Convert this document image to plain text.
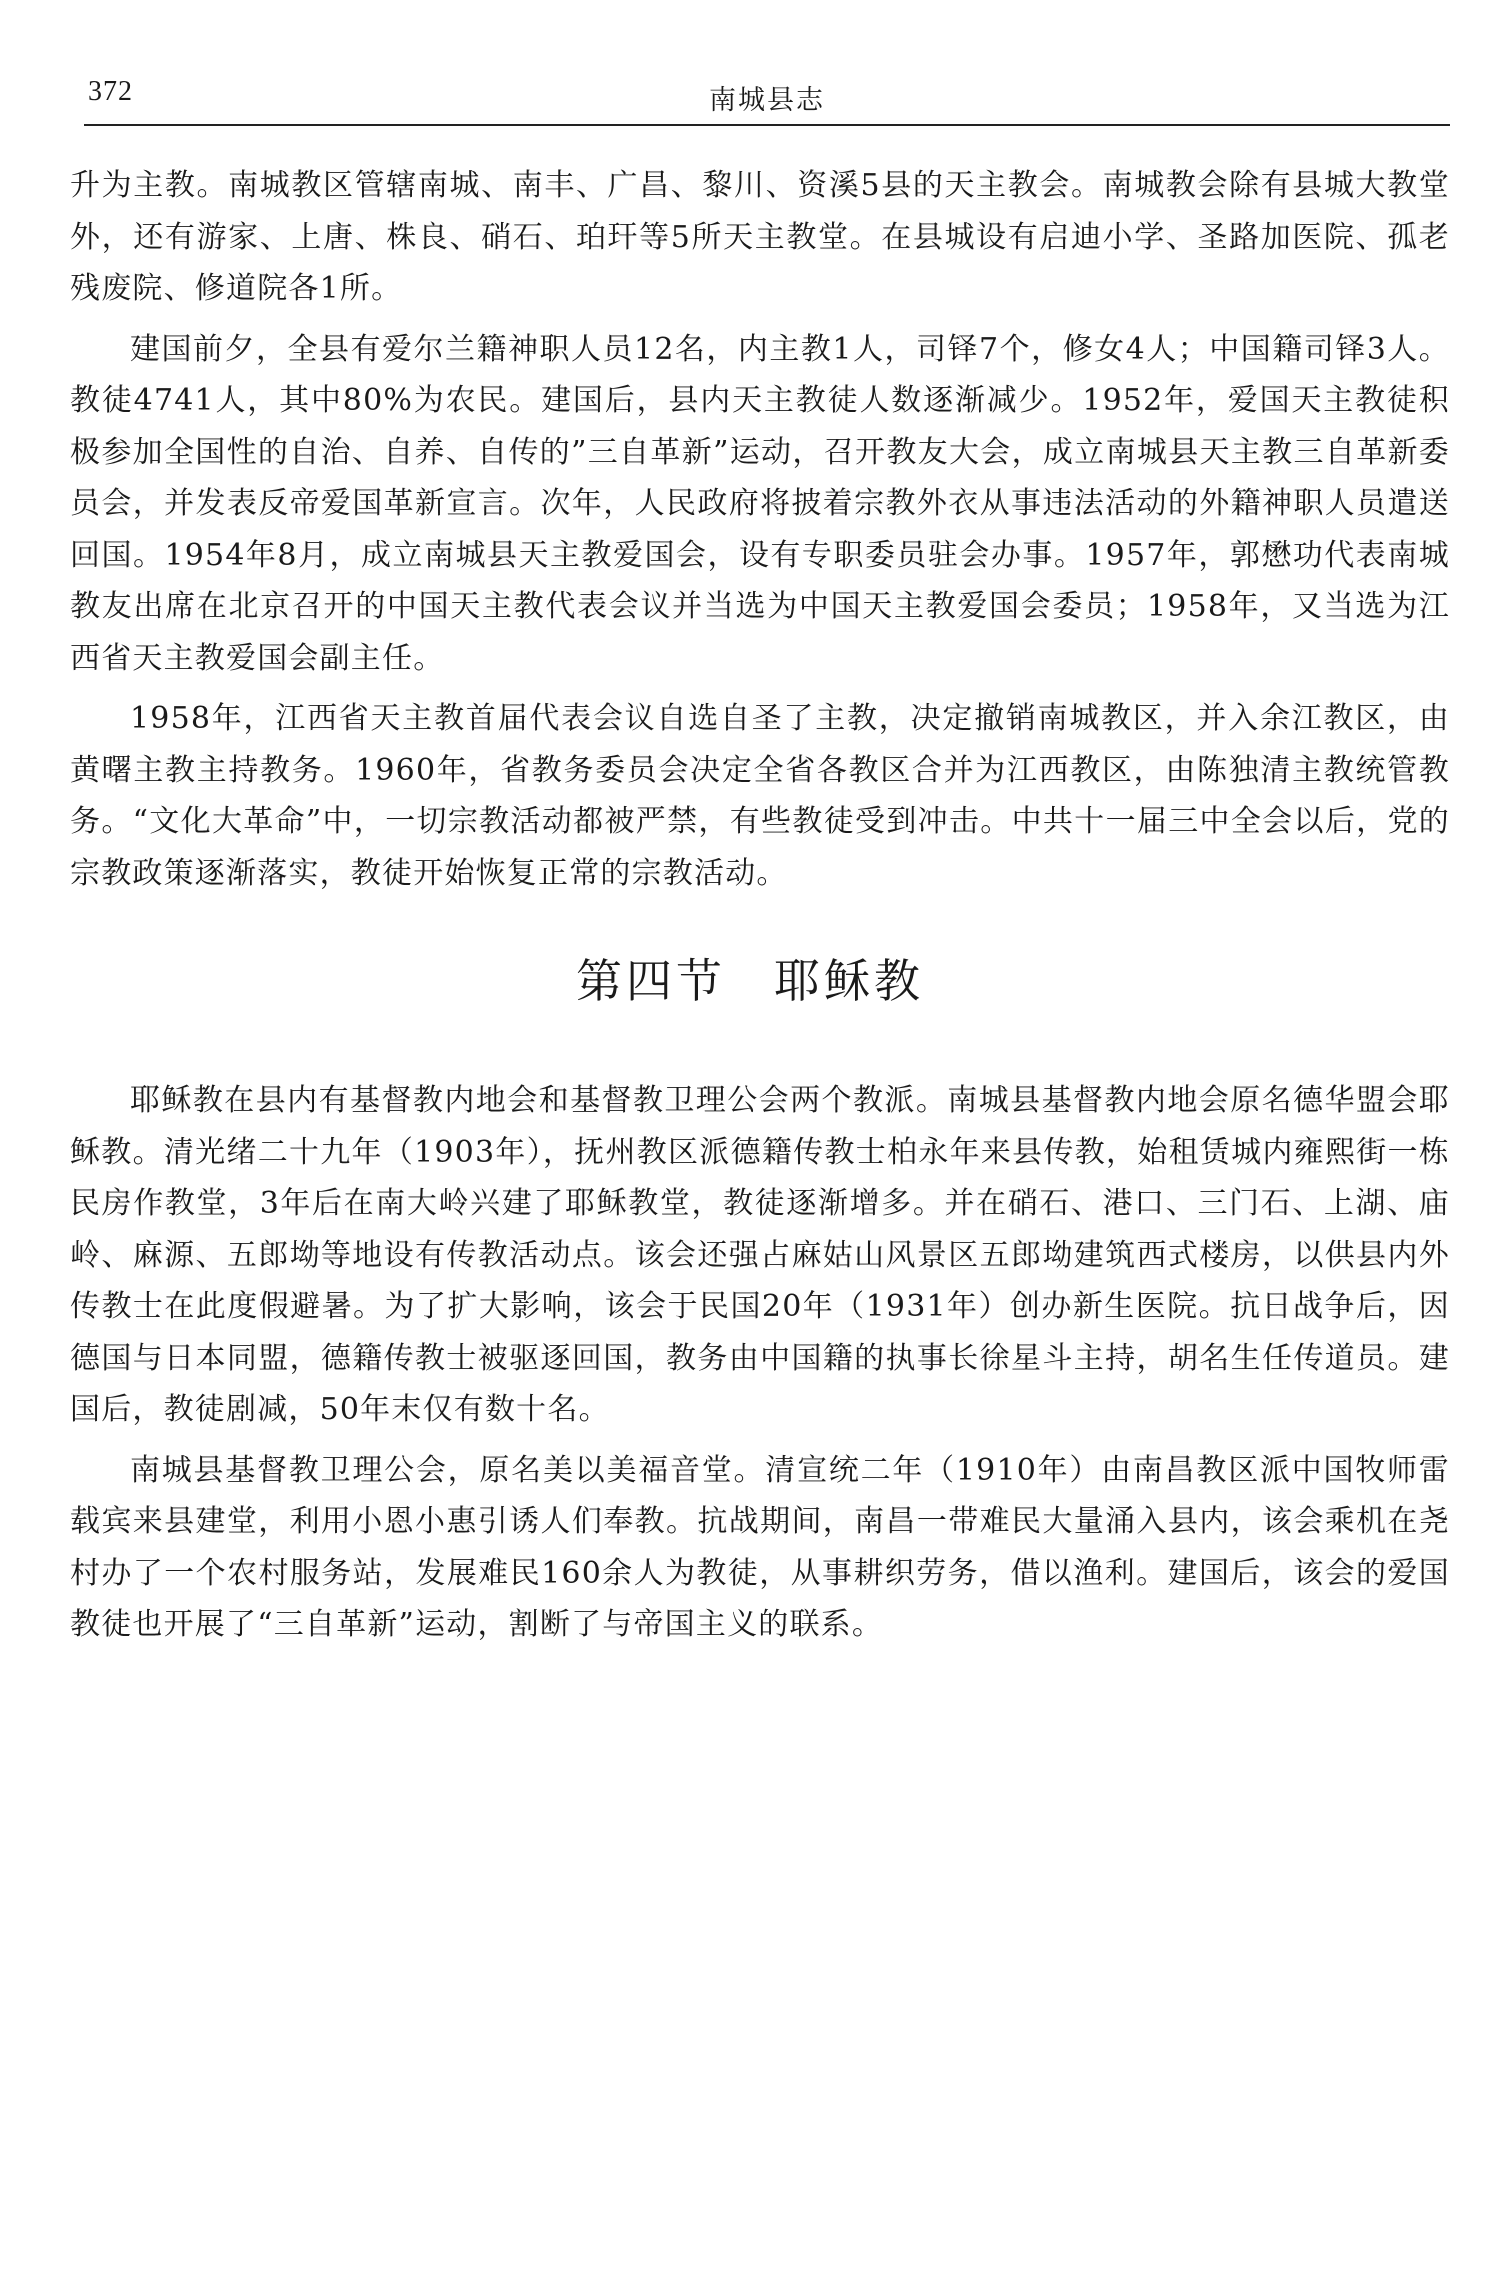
372	南城县志

升为主教。南城教区管辖南城、南丰、广昌、黎川、资溪5县的天主教会。南城教会除有县城大教堂外，还有游家、上唐、株良、硝石、珀玕等5所天主教堂。在县城设有启迪小学、圣路加医院、孤老残废院、修道院各1所。

建国前夕，全县有爱尔兰籍神职人员12名，内主教1人，司铎7个，修女4人；中国籍司铎3人。教徒4741人，其中80%为农民。建国后，县内天主教徒人数逐渐减少。1952年，爱国天主教徒积极参加全国性的自治、自养、自传的”三自革新”运动，召开教友大会，成立南城县天主教三自革新委员会，并发表反帝爱国革新宣言。次年，人民政府将披着宗教外衣从事违法活动的外籍神职人员遣送回国。1954年8月，成立南城县天主教爱国会，设有专职委员驻会办事。1957年，郭懋功代表南城教友出席在北京召开的中国天主教代表会议并当选为中国天主教爱国会委员；1958年，又当选为江西省天主教爱国会副主任。

1958年，江西省天主教首届代表会议自选自圣了主教，决定撤销南城教区，并入余江教区，由黄曙主教主持教务。1960年，省教务委员会决定全省各教区合并为江西教区，由陈独清主教统管教务。“文化大革命”中，一切宗教活动都被严禁，有些教徒受到冲击。中共十一届三中全会以后，党的宗教政策逐渐落实，教徒开始恢复正常的宗教活动。

第四节 耶稣教

耶稣教在县内有基督教内地会和基督教卫理公会两个教派。南城县基督教内地会原名德华盟会耶稣教。清光绪二十九年（1903年），抚州教区派德籍传教士柏永年来县传教，始租赁城内雍熙街一栋民房作教堂，3年后在南大岭兴建了耶稣教堂，教徒逐渐增多。并在硝石、港口、三门石、上湖、庙岭、麻源、五郎坳等地设有传教活动点。该会还强占麻姑山风景区五郎坳建筑西式楼房，以供县内外传教士在此度假避暑。为了扩大影响，该会于民国20年（1931年）创办新生医院。抗日战争后，因德国与日本同盟，德籍传教士被驱逐回国，教务由中国籍的执事长徐星斗主持，胡名生任传道员。建国后，教徒剧减，50年末仅有数十名。

南城县基督教卫理公会，原名美以美福音堂。清宣统二年（1910年）由南昌教区派中国牧师雷载宾来县建堂，利用小恩小惠引诱人们奉教。抗战期间，南昌一带难民大量涌入县内，该会乘机在尧村办了一个农村服务站，发展难民160余人为教徒，从事耕织劳务，借以渔利。建国后，该会的爱国教徒也开展了“三自革新”运动，割断了与帝国主义的联系。
